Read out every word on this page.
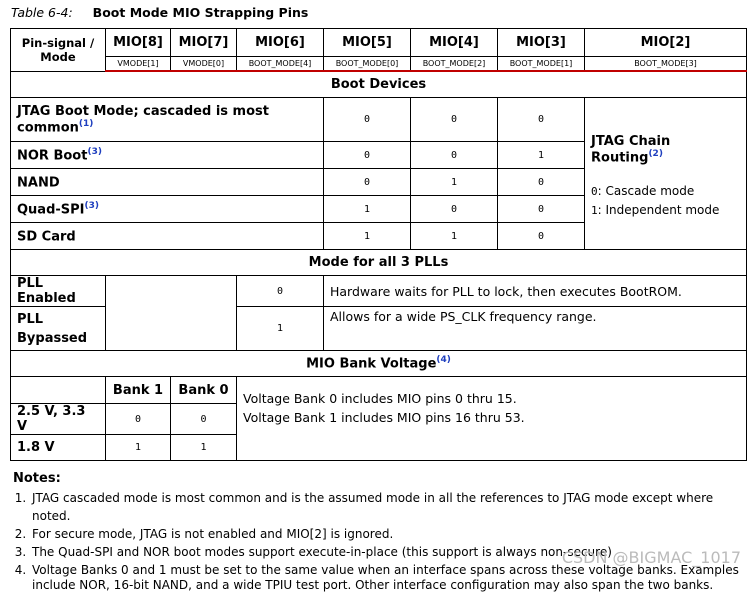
Table 6-4: Boot Mode MIO Strapping Pins
Pin-signal / Mode	MIO[8]	MIO[7]	MIO[6]	MIO[5]	MIO[4]	MIO[3]	MIO[2]
	VMODE[1]	VMODE[0]	BOOT_MODE[4]	BOOT_MODE[0]	BOOT_MODE[2]	BOOT_MODE[1]	BOOT_MODE[3]
Boot Devices							
JTAG Boot Mode; cascaded is most common$^{(1)}$				0	0	0	JTAG Chain Routing$^{(2)}$
0: Cascade mode
1: Independent mode

NOR Boot$^{(3)}$				0	0	1	
NAND				0	1	0	
Quad-SPI$^{(3)}$				1	0	0	
SD Card				1	1	0	
Mode for all 3 PLLs							
PLL Enabled			0	Hardware waits for PLL to lock, then executes BootROM.			
PLL Bypassed			1	Allows for a wide PS_CLK frequency range.			
MIO Bank Voltage$^{(4)}$
	Bank 1	Bank 0	Voltage Bank 0 includes MIO pins 0 thru 15.
Voltage Bank 1 includes MIO pins 16 thru 53.				

2.5 V, 3.3 V	0	0					
1.8 V	1	1					
Notes:
1. JTAG cascaded mode is most common and is the assumed mode in all the references to JTAG mode except where noted.
2. For secure mode, JTAG is not enabled and MIO[2] is ignored.
3. The Quad-SPI and NOR boot modes support execute-in-place (this support is always non-secure)
4. Voltage Banks 0 and 1 must be set to the same value when an interface spans across these voltage banks. Examples include NOR, 16-bit NAND, and a wide TPIU test port. Other interface configuration may also span the two banks.
CSDN @BIGMAC_1017
